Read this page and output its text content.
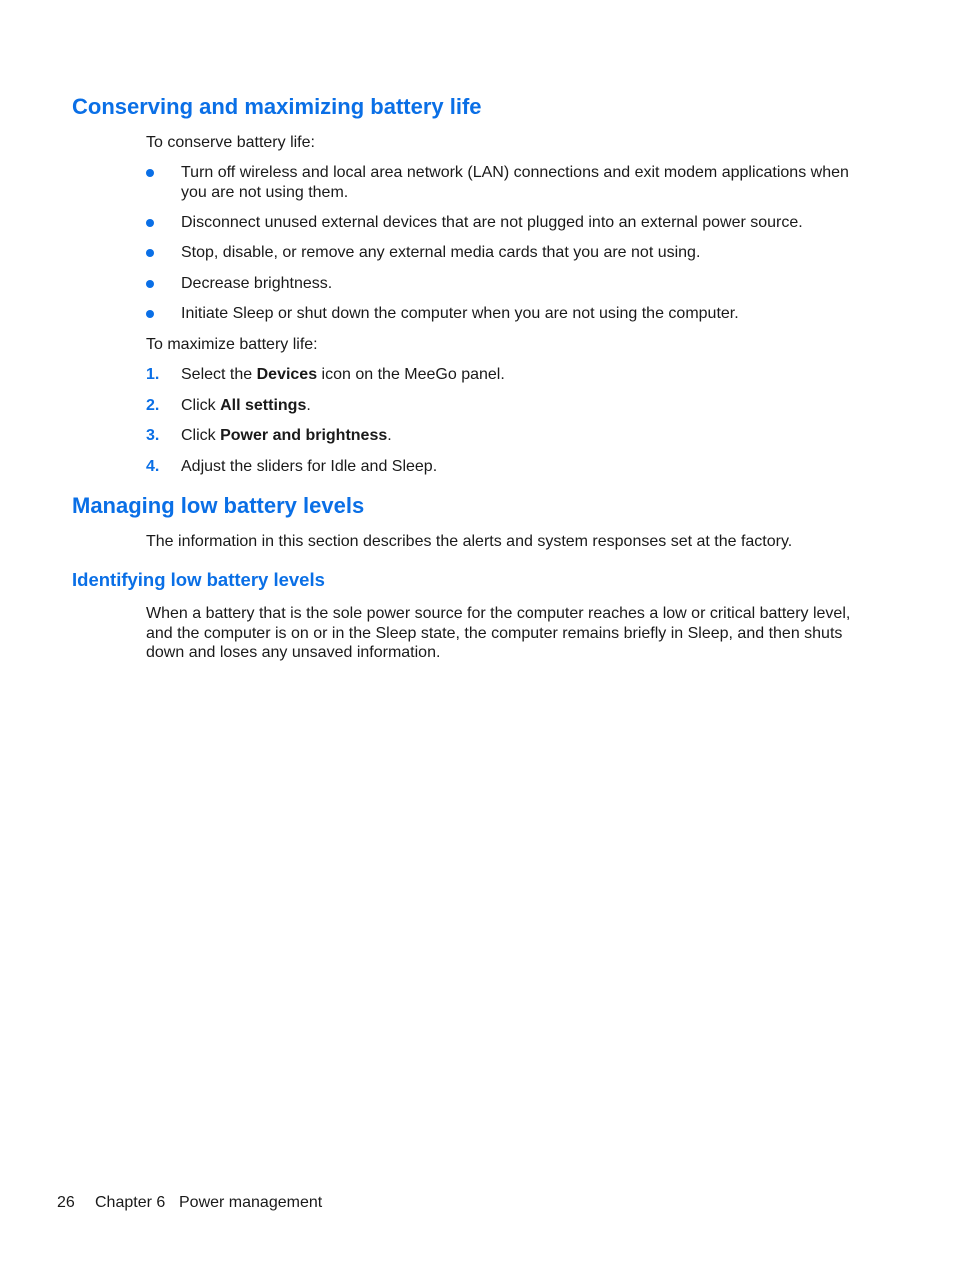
Conserving and maximizing battery life

To conserve battery life:

Turn off wireless and local area network (LAN) connections and exit modem applications when you are not using them.
Disconnect unused external devices that are not plugged into an external power source.
Stop, disable, or remove any external media cards that you are not using.
Decrease brightness.
Initiate Sleep or shut down the computer when you are not using the computer.

To maximize battery life:

1. Select the Devices icon on the MeeGo panel.
2. Click All settings.
3. Click Power and brightness.
4. Adjust the sliders for Idle and Sleep.
Managing low battery levels

The information in this section describes the alerts and system responses set at the factory.

Identifying low battery levels

When a battery that is the sole power source for the computer reaches a low or critical battery level, and the computer is on or in the Sleep state, the computer remains briefly in Sleep, and then shuts down and loses any unsaved information.

26 Chapter 6 Power management
